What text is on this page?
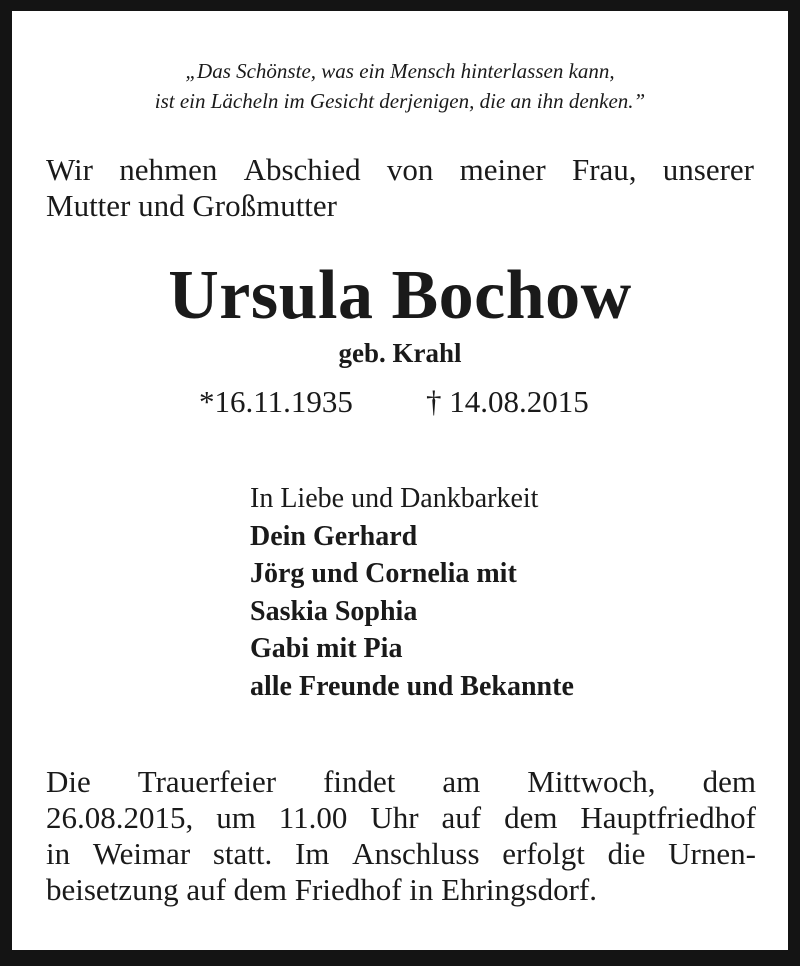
„Das Schönste, was ein Mensch hinterlassen kann,
ist ein Lächeln im Gesicht derjenigen, die an ihn denken.”
Wir nehmen Abschied von meiner Frau, unserer
Mutter und Großmutter
Ursula Bochow
geb. Krahl
*16.11.1935 † 14.08.2015
In Liebe und Dankbarkeit
Dein Gerhard
Jörg und Cornelia mit
Saskia Sophia
Gabi mit Pia
alle Freunde und Bekannte
Die Trauerfeier findet am Mittwoch, dem
26.08.2015, um 11.00 Uhr auf dem Hauptfriedhof
in Weimar statt. Im Anschluss erfolgt die Urnen-
beisetzung auf dem Friedhof in Ehringsdorf.
